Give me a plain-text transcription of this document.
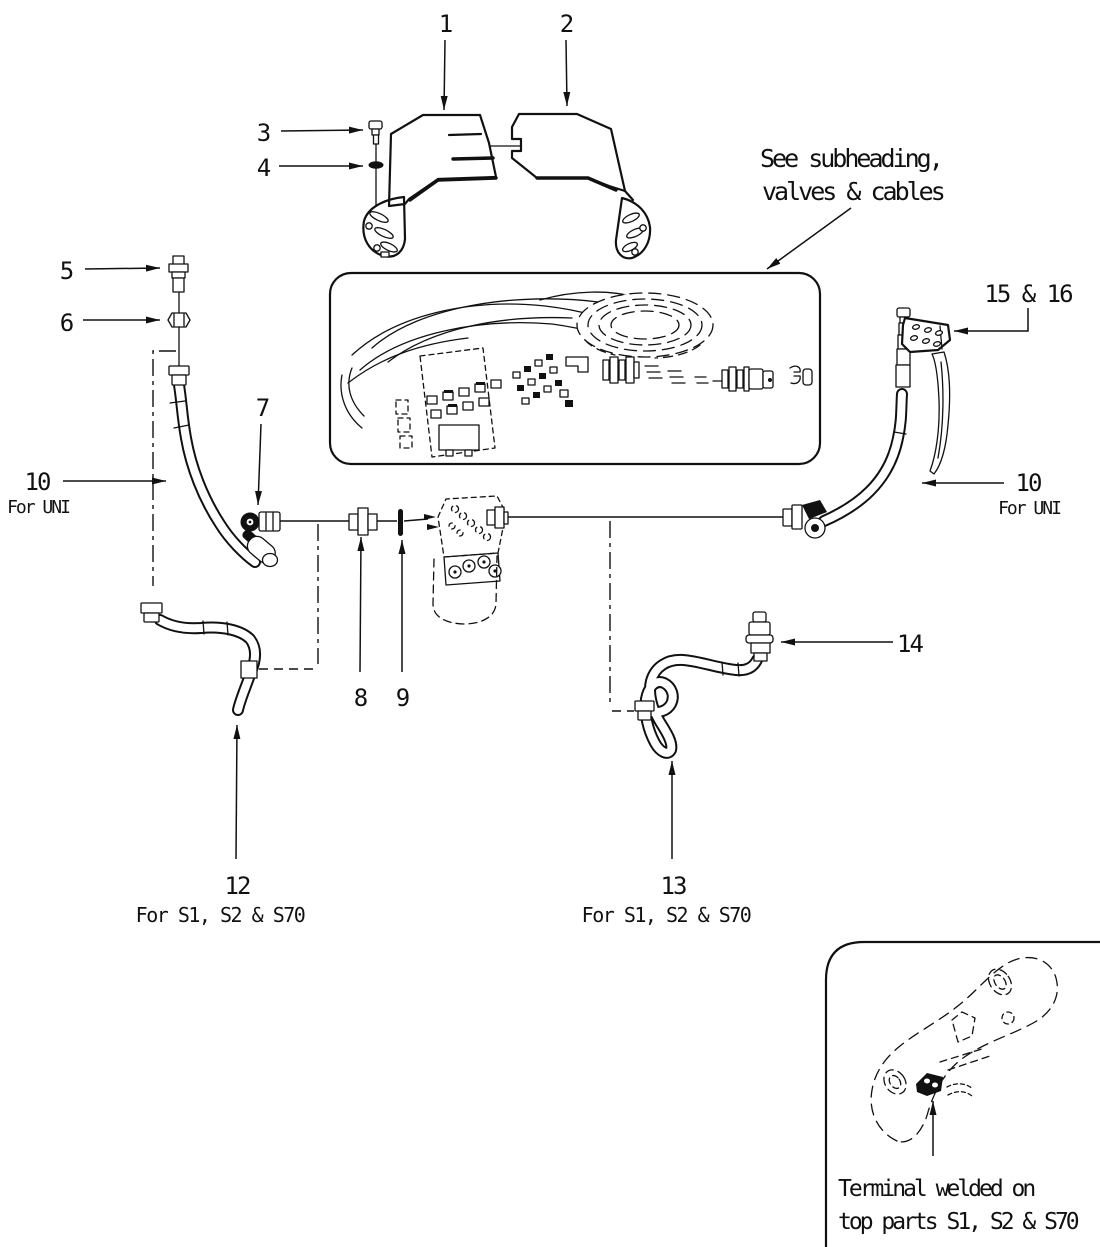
1	2
3
4
5
6
7
8 9
10
For UNI
10
For UNI
12
For S1, S2 & S70
13
For S1, S2 & S70
14
15 & 16
See subheading,
valves & cables
Terminal welded on
top parts S1, S2 & S70
